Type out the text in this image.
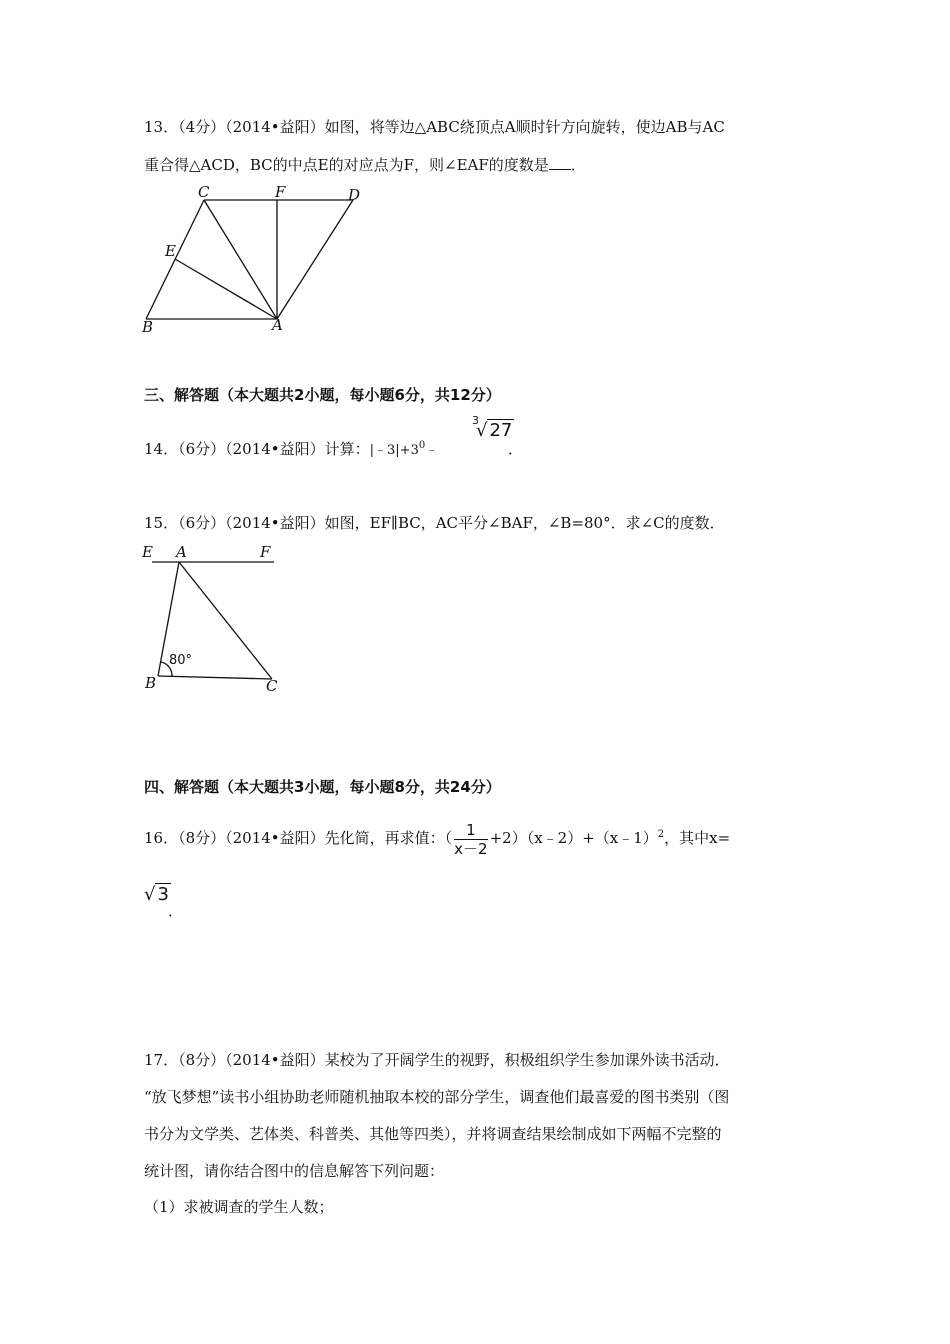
13．（4分）（2014•益阳）如图，将等边△ABC绕顶点A顺时针方向旋转，使边AB与AC
重合得△ACD，BC的中点E的对应点为F，则∠EAF的度数是 ．
C	F	D
E
B	A
三、解答题（本大题共2小题，每小题6分，共12分）
14．（6分）（2014•益阳）计算：$|﹣3|+3^0﹣$
3
√ 27
．
15．（6分）（2014•益阳）如图，EF∥BC，AC平分∠BAF，∠B=80°．求∠C的度数．
E A	F
B	C
80°
四、解答题（本大题共3小题，每小题8分，共24分）
16．（8分）（2014•益阳）先化简，再求值：（ $\frac{1}{x-2}$ +2）（x﹣2）+（x﹣1）$^2$，其中x=
√ 3
．
17．（8分）（2014•益阳）某校为了开阔学生的视野，积极组织学生参加课外读书活动．
“放飞梦想”读书小组协助老师随机抽取本校的部分学生，调查他们最喜爱的图书类别（图
书分为文学类、艺体类、科普类、其他等四类），并将调查结果绘制成如下两幅不完整的
统计图，请你结合图中的信息解答下列问题：
（1）求被调查的学生人数；
